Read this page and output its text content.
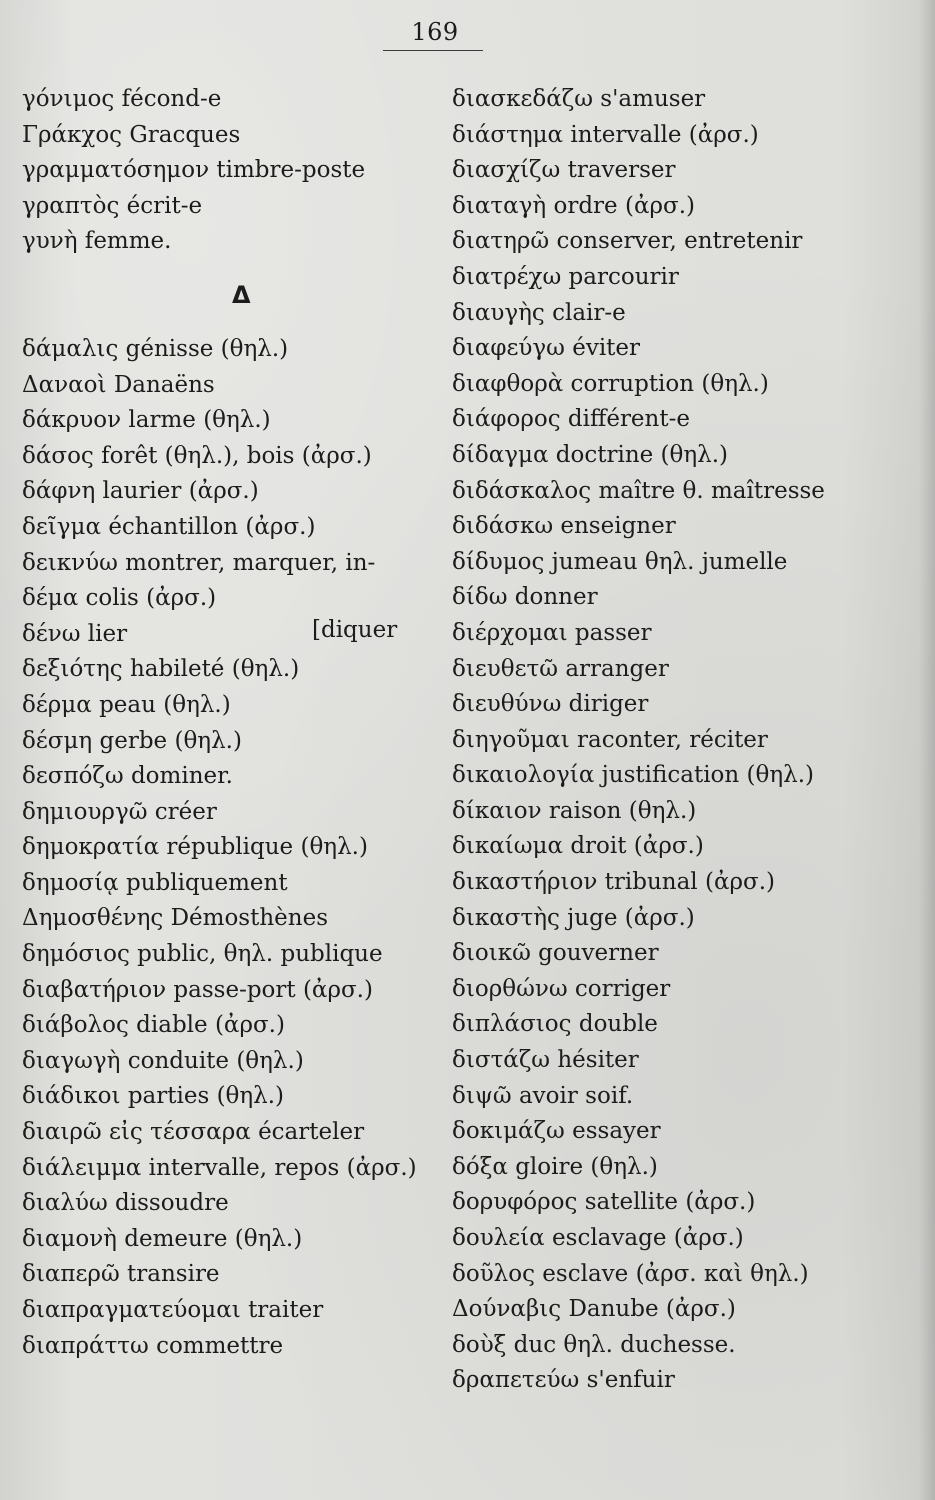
169
γόνιμος fécond-e
Γράκχος Gracques
γραμματόσημον timbre-poste
γραπτὸς écrit-e
γυνὴ femme.
Δ
δάμαλις génisse (θηλ.)
Δαναοὶ Danaëns
δάκρυον larme (θηλ.)
δάσος forêt (θηλ.), bois (ἀρσ.)
δάφνη laurier (ἀρσ.)
δεῖγμα échantillon (ἀρσ.)
δεικνύω montrer, marquer, in-
δέμα colis (ἀρσ.)
δένω lier
δεξιότης habileté (θηλ.)
δέρμα peau (θηλ.)
δέσμη gerbe (θηλ.)
δεσπόζω dominer.
δημιουργῶ créer
δημοκρατία république (θηλ.)
δημοσίᾳ publiquement
Δημοσθένης Démosthènes
δημόσιος public, θηλ. publique
διαβατήριον passe-port (ἀρσ.)
διάβολος diable (ἀρσ.)
διαγωγὴ conduite (θηλ.)
διάδικοι parties (θηλ.)
διαιρῶ εἰς τέσσαρα écarteler
διάλειμμα intervalle, repos (ἀρσ.)
διαλύω dissoudre
διαμονὴ demeure (θηλ.)
διαπερῶ transire
διαπραγματεύομαι traiter
διαπράττω commettre
[diquer
διασκεδάζω s'amuser
διάστημα intervalle (ἀρσ.)
διασχίζω traverser
διαταγὴ ordre (ἀρσ.)
διατηρῶ conserver, entretenir
διατρέχω parcourir
διαυγὴς clair-e
διαφεύγω éviter
διαφθορὰ corruption (θηλ.)
διάφορος différent-e
δίδαγμα doctrine (θηλ.)
διδάσκαλος maître θ. maîtresse
διδάσκω enseigner
δίδυμος jumeau θηλ. jumelle
δίδω donner
διέρχομαι passer
διευθετῶ arranger
διευθύνω diriger
διηγοῦμαι raconter, réciter
δικαιολογία justification (θηλ.)
δίκαιον raison (θηλ.)
δικαίωμα droit (ἀρσ.)
δικαστήριον tribunal (ἀρσ.)
δικαστὴς juge (ἀρσ.)
διοικῶ gouverner
διορθώνω corriger
διπλάσιος double
διστάζω hésiter
διψῶ avoir soif.
δοκιμάζω essayer
δόξα gloire (θηλ.)
δορυφόρος satellite (ἀρσ.)
δουλεία esclavage (ἀρσ.)
δοῦλος esclave (ἀρσ. καὶ θηλ.)
Δούναβις Danube (ἀρσ.)
δοὺξ duc θηλ. duchesse.
δραπετεύω s'enfuir
